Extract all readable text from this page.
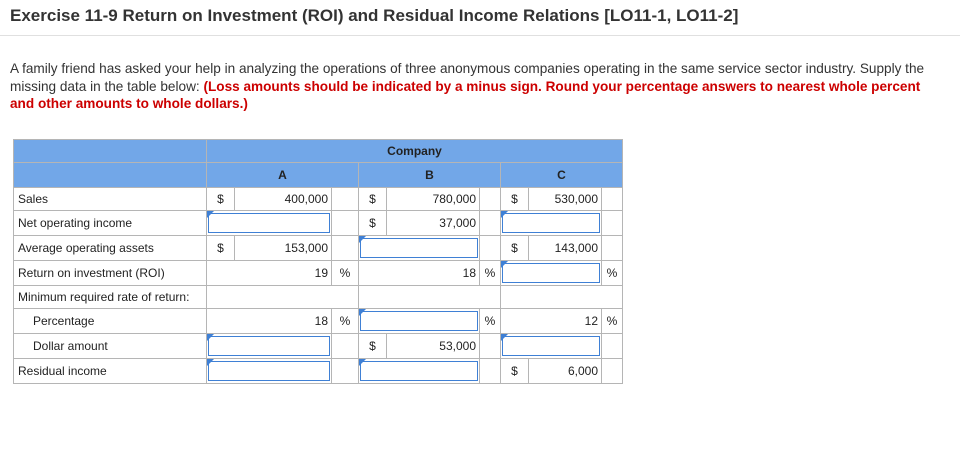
Exercise 11-9 Return on Investment (ROI) and Residual Income Relations [LO11-1, LO11-2]
A family friend has asked your help in analyzing the operations of three anonymous companies operating in the same service sector industry. Supply the missing data in the table below: (Loss amounts should be indicated by a minus sign. Round your percentage answers to nearest whole percent and other amounts to whole dollars.)
	Company								
	A			B			C		
Sales	$	400,000		$	780,000		$	530,000	
Net operating income				$	37,000			

Average operating assets	$	153,000					$	143,000	
Return on investment (ROI)	19		%	18		%			%
Minimum required rate of return:									
Percentage	18		%			%	12		%
Dollar amount				$	53,000			

Residual income							$	6,000	
